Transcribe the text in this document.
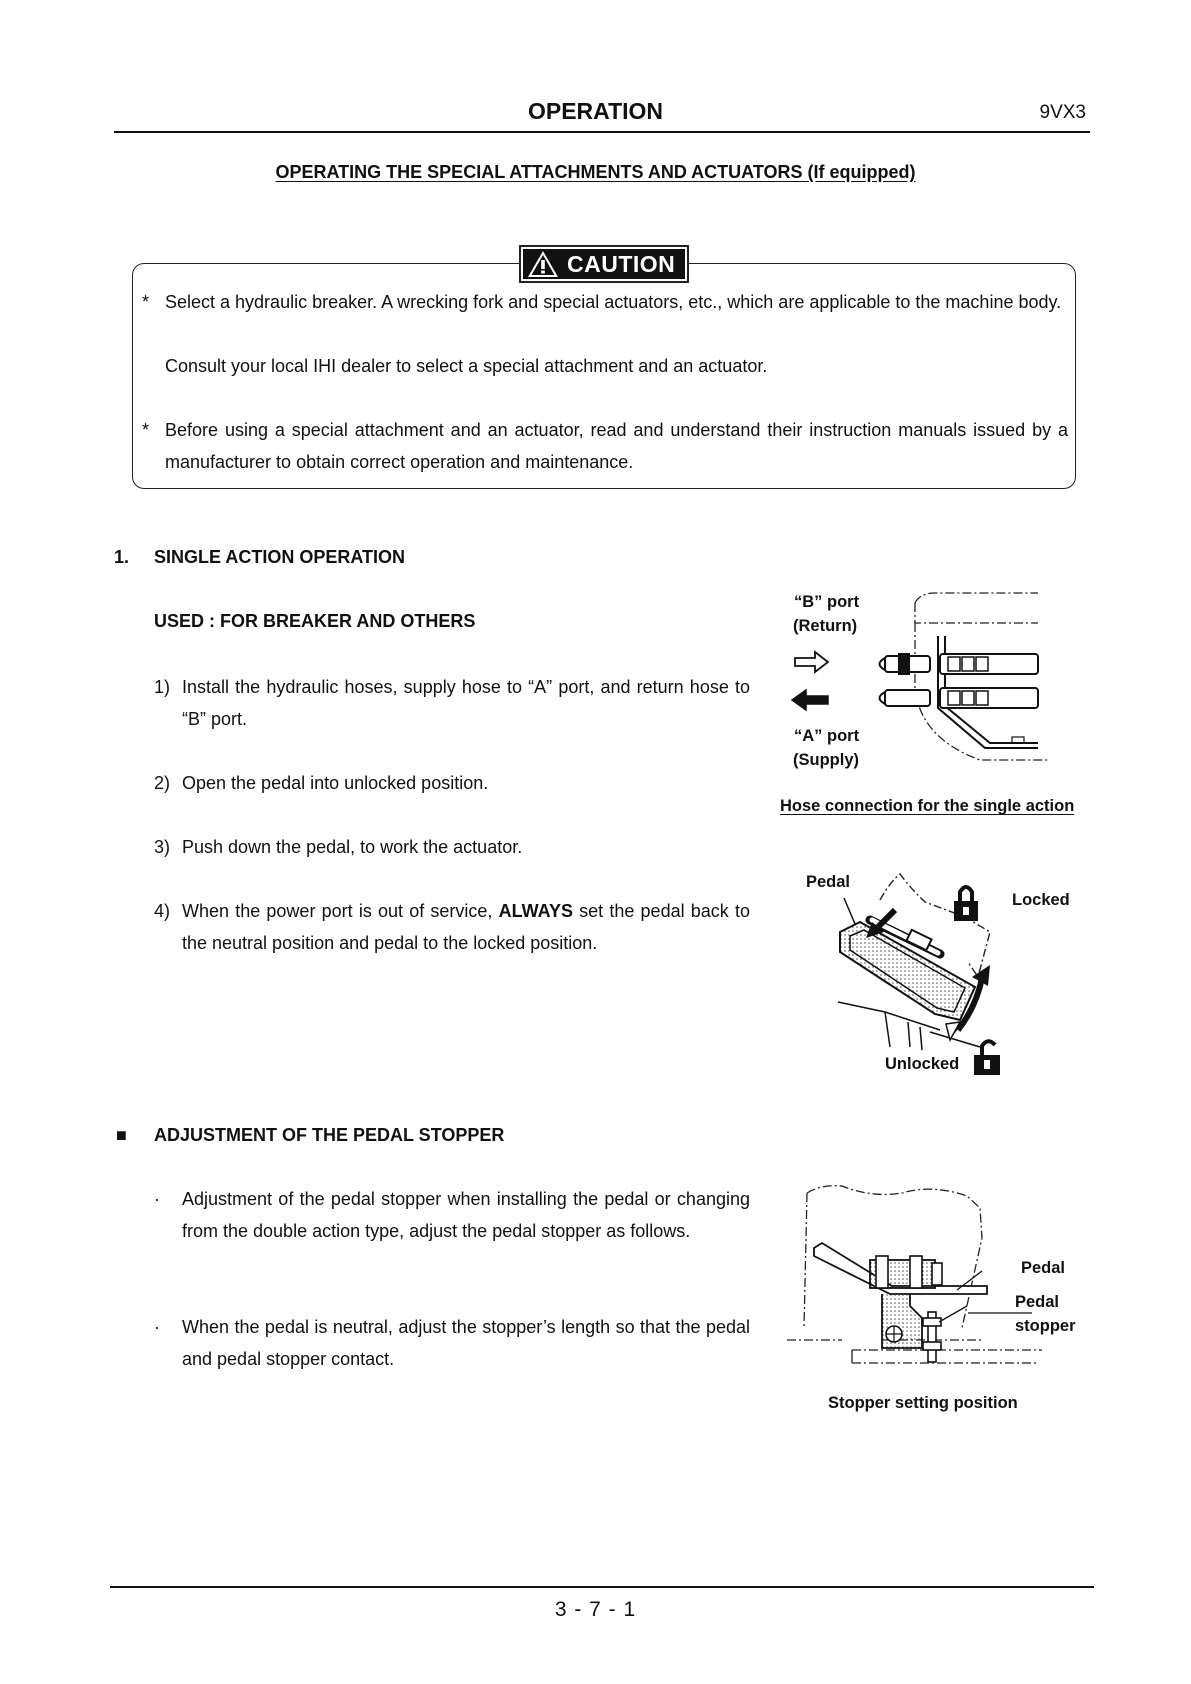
OPERATION	9VX3
OPERATING THE SPECIAL ATTACHMENTS AND ACTUATORS (If equipped)
CAUTION
* Select a hydraulic breaker. A wrecking fork and special actuators, etc., which are applicable to the machine body.
Consult your local IHI dealer to select a special attachment and an actuator.
* Before using a special attachment and an actuator, read and understand their instruction manuals issued by a manufacturer to obtain correct operation and maintenance.
1. SINGLE ACTION OPERATION
USED : FOR BREAKER AND OTHERS
1) Install the hydraulic hoses, supply hose to “A” port, and return hose to “B” port.
2) Open the pedal into unlocked position.
3) Push down the pedal, to work the actuator.
4) When the power port is out of service, ALWAYS set the pedal back to the neutral position and pedal to the locked position.
“B” port
(Return)
“A” port
(Supply)
Hose connection for the single action
Pedal
Locked
Unlocked
■ ADJUSTMENT OF THE PEDAL STOPPER
· Adjustment of the pedal stopper when installing the pedal or changing from the double action type, adjust the pedal stopper as follows.
· When the pedal is neutral, adjust the stopper’s length so that the pedal and pedal stopper contact.
Pedal
Pedal
stopper
Stopper setting position
3 - 7 - 1
